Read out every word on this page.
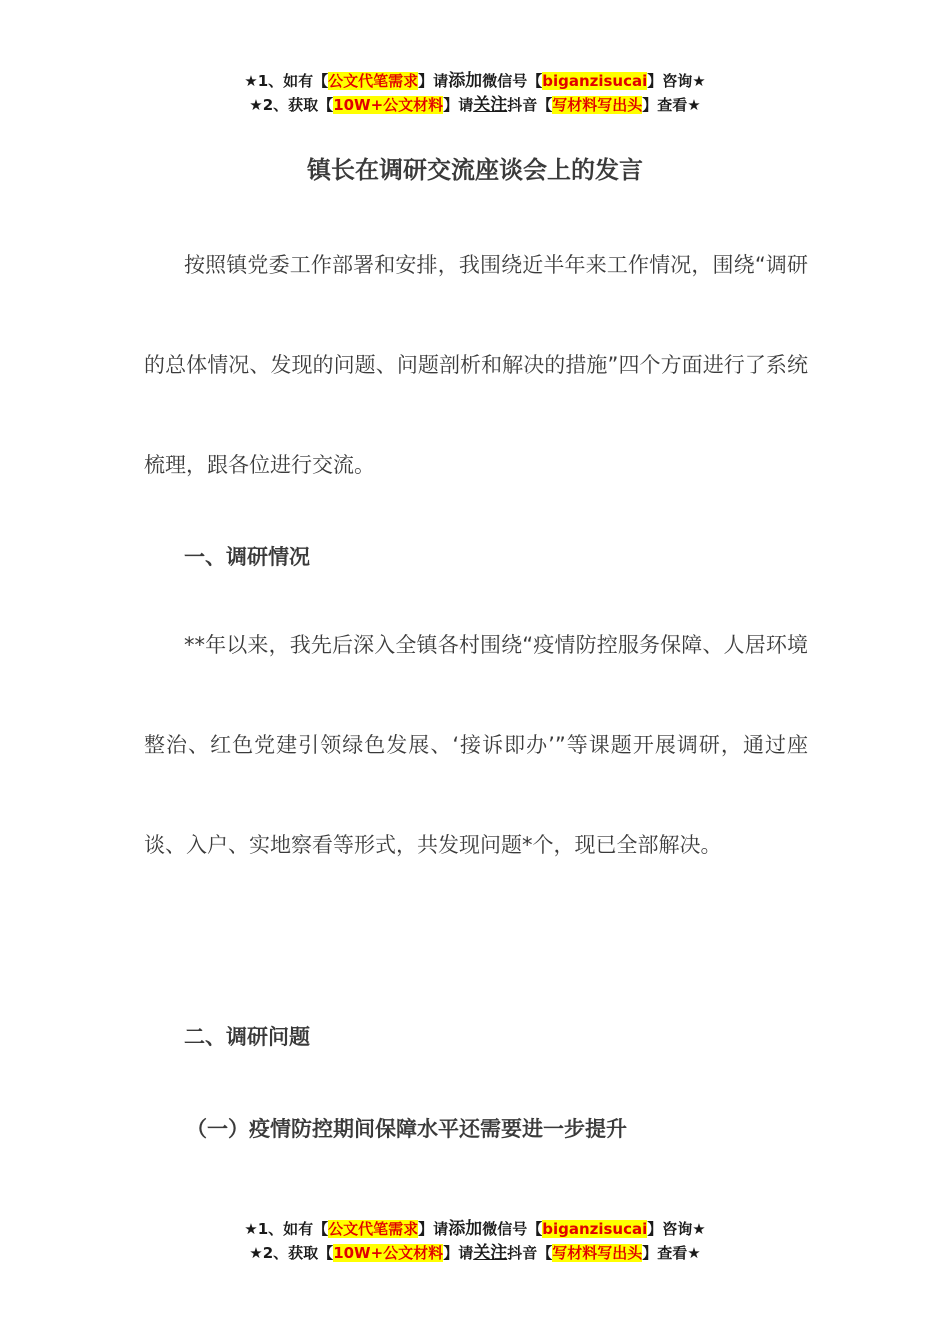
★1、如有【公文代笔需求】请添加微信号【biganzisucai】咨询★
★2、获取【10W+公文材料】请关注抖音【写材料写出头】查看★
镇长在调研交流座谈会上的发言

按照镇党委工作部署和安排，我围绕近半年来工作情况，围绕“调研的总体情况、发现的问题、问题剖析和解决的措施”四个方面进行了系统梳理，跟各位进行交流。

一、调研情况

**年以来，我先后深入全镇各村围绕“疫情防控服务保障、人居环境整治、红色党建引领绿色发展、‘接诉即办’”等课题开展调研，通过座谈、入户、实地察看等形式，共发现问题*个，现已全部解决。

二、调研问题

（一）疫情防控期间保障水平还需要进一步提升

★1、如有【公文代笔需求】请添加微信号【biganzisucai】咨询★
★2、获取【10W+公文材料】请关注抖音【写材料写出头】查看★
